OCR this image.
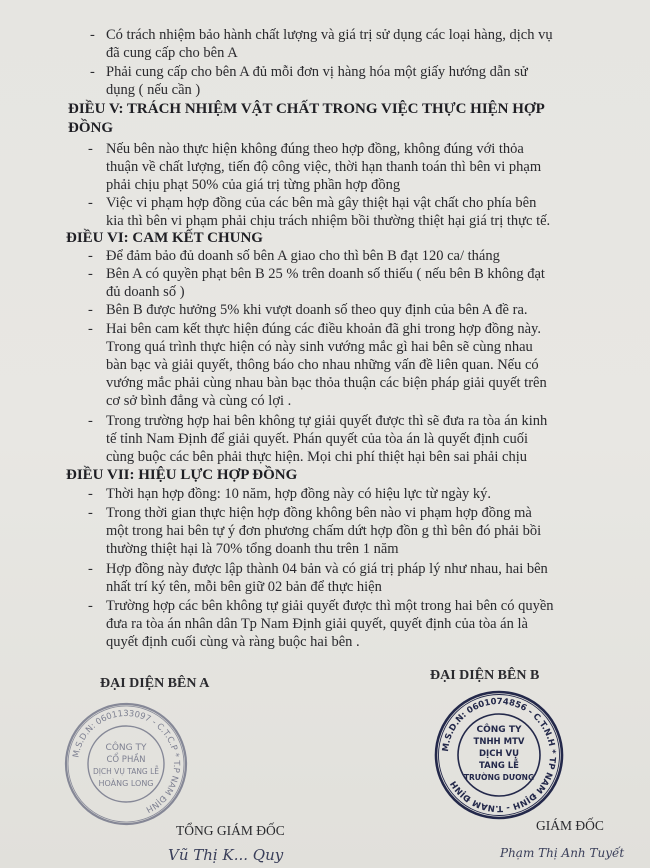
- Có trách nhiệm bảo hành chất lượng và giá trị sử dụng các loại hàng, dịch vụ
đã cung cấp cho bên A
- Phải cung cấp cho bên A đủ mỗi đơn vị hàng hóa một giấy hướng dẫn sử
dụng ( nếu cần )
ĐIỀU V: TRÁCH NHIỆM VẬT CHẤT TRONG VIỆC THỰC HIỆN HỢP
ĐỒNG
- Nếu bên nào thực hiện không đúng theo hợp đồng, không đúng với thỏa
thuận về chất lượng, tiến độ công việc, thời hạn thanh toán thì bên vi phạm
phải chịu phạt 50% của giá trị từng phần hợp đồng
- Việc vi phạm hợp đồng của các bên mà gây thiệt hại vật chất cho phía bên
kia thì bên vi phạm phải chịu trách nhiệm bồi thường thiệt hại giá trị thực tế.
ĐIỀU VI: CAM KẾT CHUNG
- Để đảm bảo đủ doanh số bên A giao cho thì bên B đạt 120 ca/ tháng
- Bên A có quyền phạt bên B 25 % trên doanh số thiếu ( nếu bên B không đạt
đủ doanh số )
- Bên B được hưởng 5% khi vượt doanh số theo quy định của bên A đề ra.
- Hai bên cam kết thực hiện đúng các điều khoản đã ghi trong hợp đồng này.
Trong quá trình thực hiện có này sinh vướng mắc gì hai bên sẽ cùng nhau
bàn bạc và giải quyết, thông báo cho nhau những vấn đề liên quan. Nếu có
vướng mắc phải cùng nhau bàn bạc thỏa thuận các biện pháp giải quyết trên
cơ sở bình đẳng và cùng có lợi .
- Trong trường hợp hai bên không tự giải quyết được thì sẽ đưa ra tòa án kinh
tế tỉnh Nam Định để giải quyết. Phán quyết của tòa án là quyết định cuối
cùng buộc các bên phải thực hiện. Mọi chi phí thiệt hại bên sai phải chịu
ĐIỀU VII: HIỆU LỰC HỢP ĐỒNG
- Thời hạn hợp đồng: 10 năm, hợp đồng này có hiệu lực từ ngày ký.
- Trong thời gian thực hiện hợp đồng không bên nào vi phạm hợp đồng mà
một trong hai bên tự ý đơn phương chấm dứt hợp đồn g thì bên đó phải bồi
thường thiệt hại là 70% tổng doanh thu trên 1 năm
- Hợp đồng này được lập thành 04 bản và có giá trị pháp lý như nhau, hai bên
nhất trí ký tên, mỗi bên giữ 02 bản để thực hiện
- Trường hợp các bên không tự giải quyết được thì một trong hai bên có quyền
đưa ra tòa án nhân dân Tp Nam Định giải quyết, quyết định của tòa án là
quyết định cuối cùng và ràng buộc hai bên .
ĐẠI DIỆN BÊN A
ĐẠI DIỆN BÊN B
M.S.D.N: 0601133097 - C.T.C.P * T.P NAM ĐỊNH
CÔNG TY
CỔ PHẦN
DỊCH VỤ TANG LỄ
HOÀNG LONG
M.S.D.N: 0601074856 - C.T.N.H * TP NAM ĐỊNH - T.NAM ĐỊNH
CÔNG TY
TNHH MTV
DỊCH VỤ
TANG LỄ
TRƯỜNG DƯƠNG
TỔNG GIÁM ĐỐC	GIÁM ĐỐC
Vũ Thị K... Quy	Phạm Thị Anh Tuyết
